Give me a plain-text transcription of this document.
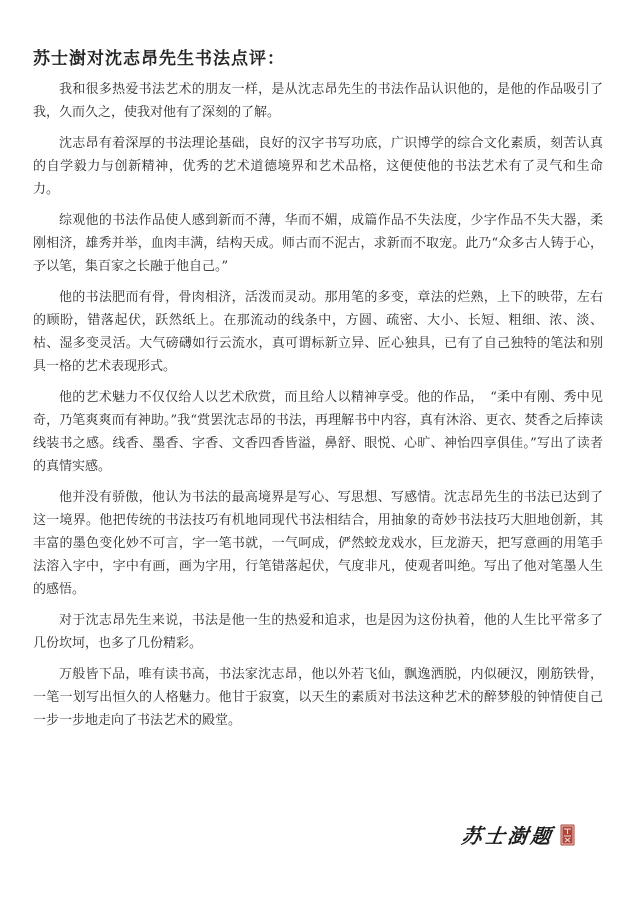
苏士澍对沈志昂先生书法点评：

我和很多热爱书法艺术的朋友一样，是从沈志昂先生的书法作品认识他的，是他的作品吸引了我，久而久之，使我对他有了深刻的了解。

沈志昂有着深厚的书法理论基础，良好的汉字书写功底，广识博学的综合文化素质，刻苦认真的自学毅力与创新精神，优秀的艺术道德境界和艺术品格，这便使他的书法艺术有了灵气和生命力。

综观他的书法作品使人感到新而不薄，华而不媚，成篇作品不失法度，少字作品不失大器，柔刚相济，雄秀并举，血肉丰满，结构天成。师古而不泥古，求新而不取宠。此乃“众多古人铸于心，予以笔，集百家之长融于他自己。”

他的书法肥而有骨，骨肉相济，活泼而灵动。那用笔的多变，章法的烂熟，上下的映带，左右的顾盼，错落起伏，跃然纸上。在那流动的线条中，方圆、疏密、大小、长短、粗细、浓、淡、枯、湿多变灵活。大气磅礴如行云流水，真可谓标新立异、匠心独具，已有了自己独特的笔法和别具一格的艺术表现形式。

他的艺术魅力不仅仅给人以艺术欣赏，而且给人以精神享受。他的作品，　“柔中有刚、秀中见奇，乃笔爽爽而有神助。”我“赏罢沈志昂的书法，再理解书中内容，真有沐浴、更衣、焚香之后捧读线装书之感。线香、墨香、字香、文香四香皆溢，鼻舒、眼悦、心旷、神怡四享俱佳。”写出了读者的真情实感。

他并没有骄傲，他认为书法的最高境界是写心、写思想、写感情。沈志昂先生的书法已达到了这一境界。他把传统的书法技巧有机地同现代书法相结合，用抽象的奇妙书法技巧大胆地创新，其丰富的墨色变化妙不可言，字一笔书就，一气呵成，俨然蛟龙戏水，巨龙游天，把写意画的用笔手法溶入字中，字中有画，画为字用，行笔错落起伏，气度非凡，使观者叫绝。写出了他对笔墨人生的感悟。

对于沈志昂先生来说，书法是他一生的热爱和追求，也是因为这份执着，他的人生比平常多了几份坎坷，也多了几份精彩。

万般皆下品，唯有读书高，书法家沈志昂，他以外若飞仙，飘逸洒脱，内似硬汉，刚筋铁骨，一笔一划写出恒久的人格魅力。他甘于寂寞，以天生的素质对书法这种艺术的醉梦般的钟情使自己一步一步地走向了书法艺术的殿堂。

苏士澍题
